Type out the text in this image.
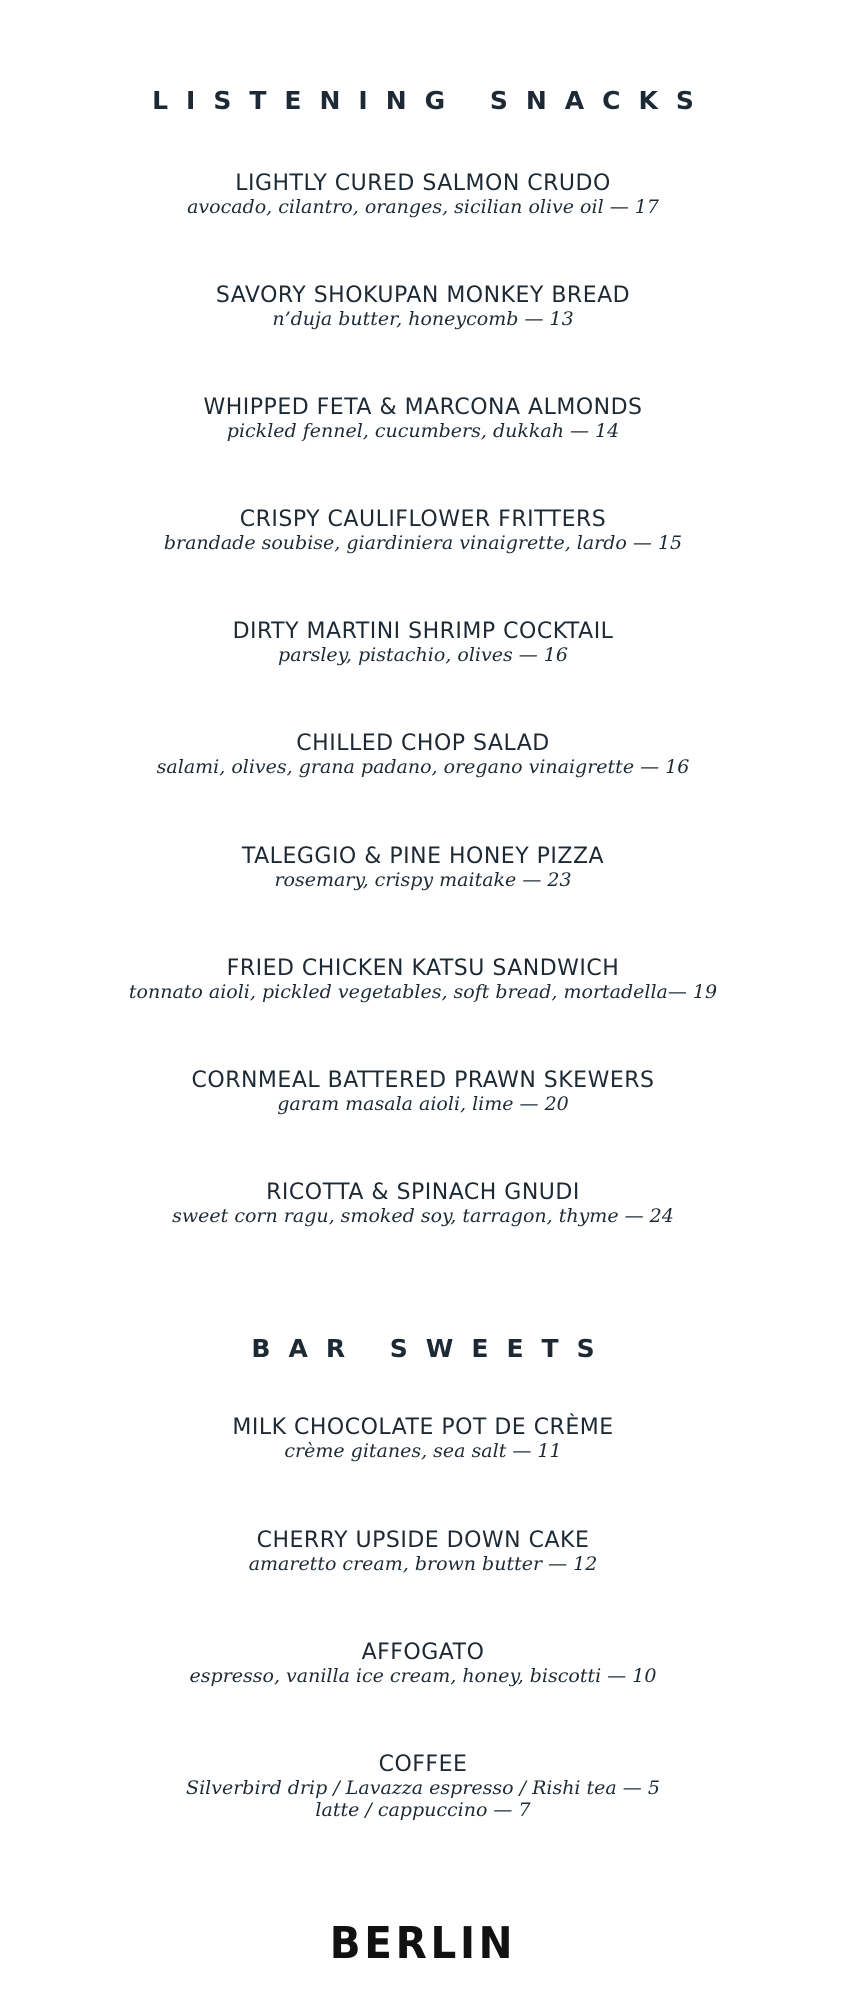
LISTENING SNACKS
LIGHTLY CURED SALMON CRUDO
avocado, cilantro, oranges, sicilian olive oil — 17
SAVORY SHOKUPAN MONKEY BREAD
n’duja butter, honeycomb — 13
WHIPPED FETA & MARCONA ALMONDS
pickled fennel, cucumbers, dukkah — 14
CRISPY CAULIFLOWER FRITTERS
brandade soubise, giardiniera vinaigrette, lardo — 15
DIRTY MARTINI SHRIMP COCKTAIL
parsley, pistachio, olives — 16
CHILLED CHOP SALAD
salami, olives, grana padano, oregano vinaigrette — 16
TALEGGIO & PINE HONEY PIZZA
rosemary, crispy maitake — 23
FRIED CHICKEN KATSU SANDWICH
tonnato aioli, pickled vegetables, soft bread, mortadella— 19
CORNMEAL BATTERED PRAWN SKEWERS
garam masala aioli, lime — 20
RICOTTA & SPINACH GNUDI
sweet corn ragu, smoked soy, tarragon, thyme — 24
BAR SWEETS
MILK CHOCOLATE POT DE CRÈME
crème gitanes, sea salt — 11
CHERRY UPSIDE DOWN CAKE
amaretto cream, brown butter — 12
AFFOGATO
espresso, vanilla ice cream, honey, biscotti — 10
COFFEE
Silverbird drip / Lavazza espresso / Rishi tea — 5
latte / cappuccino — 7
BERLIN
